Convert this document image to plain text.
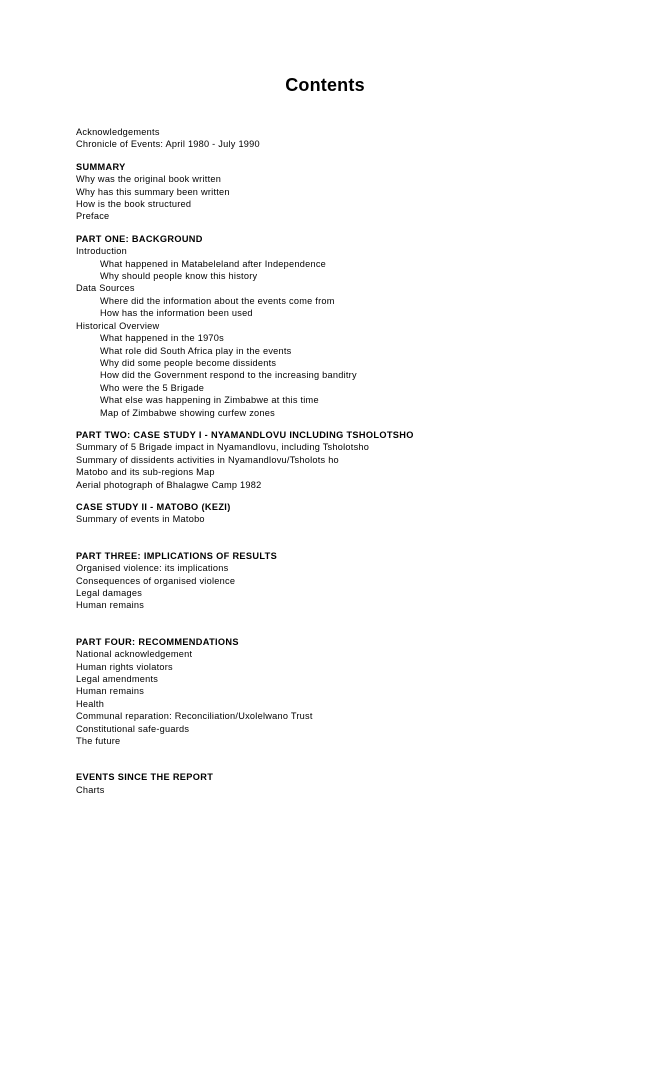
Contents
Acknowledgements
Chronicle of Events: April 1980 - July 1990
SUMMARY
Why was the original book written
Why has this summary been written
How is the book structured
Preface
PART ONE: BACKGROUND
Introduction
What happened in Matabeleland after Independence
Why should people know this history
Data Sources
Where did the information about the events come from
How has the information been used
Historical Overview
What happened in the 1970s
What role did South Africa play in the events
Why did some people become dissidents
How did the Government respond to the increasing banditry
Who were the 5 Brigade
What else was happening in Zimbabwe at this time
Map of Zimbabwe showing curfew zones
PART TWO: CASE STUDY I - NYAMANDLOVU INCLUDING TSHOLOTSHO
Summary of 5 Brigade impact in Nyamandlovu, including Tsholotsho
Summary of dissidents activities in Nyamandlovu/Tsholots ho
Matobo and its sub-regions Map
Aerial photograph of Bhalagwe Camp 1982
CASE STUDY II - MATOBO (KEZI)
Summary of events in Matobo
PART THREE: IMPLICATIONS OF RESULTS
Organised violence: its implications
Consequences of organised violence
Legal damages
Human remains
PART FOUR: RECOMMENDATIONS
National acknowledgement
Human rights violators
Legal amendments
Human remains
Health
Communal reparation: Reconciliation/Uxolelwano Trust
Constitutional safe-guards
The future
EVENTS SINCE THE REPORT
Charts
